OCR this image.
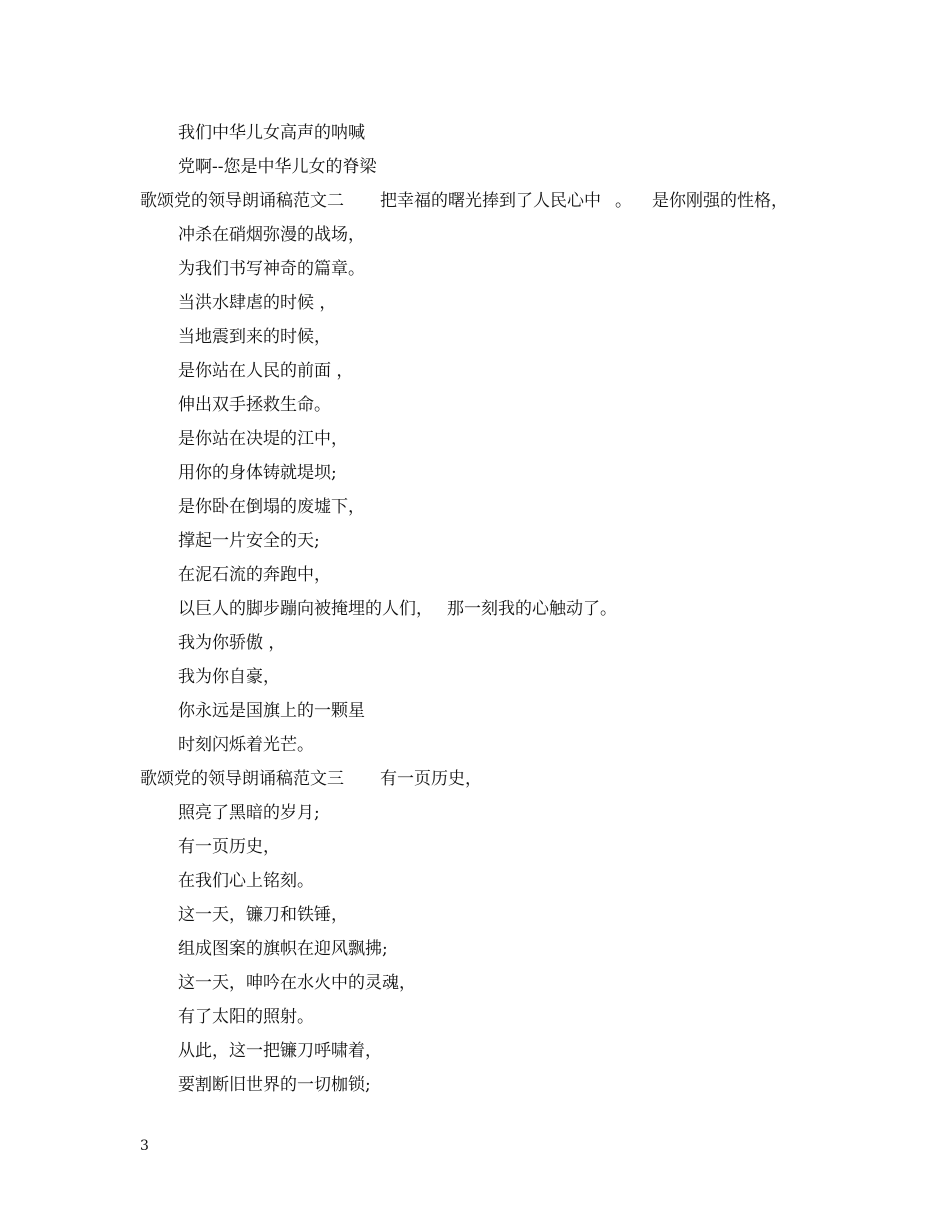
我们中华儿女高声的呐喊
党啊--您是中华儿女的脊梁
歌颂党的领导朗诵稿范文二 把幸福的曙光捧到了人民心中 。 是你刚强的性格，
冲杀在硝烟弥漫的战场，
为我们书写神奇的篇章。
当洪水肆虐的时候 ，
当地震到来的时候，
是你站在人民的前面 ，
伸出双手拯救生命。
是你站在决堤的江中，
用你的身体铸就堤坝;
是你卧在倒塌的废墟下，
撑起一片安全的天;
在泥石流的奔跑中，
以巨人的脚步蹦向被掩埋的人们， 那一刻我的心触动了。
我为你骄傲 ，
我为你自豪，
你永远是国旗上的一颗星
时刻闪烁着光芒。
歌颂党的领导朗诵稿范文三 有一页历史，
照亮了黑暗的岁月;
有一页历史，
在我们心上铭刻。
这一天，镰刀和铁锤，
组成图案的旗帜在迎风飘拂;
这一天，呻吟在水火中的灵魂，
有了太阳的照射。
从此，这一把镰刀呼啸着，
要割断旧世界的一切枷锁;
3
